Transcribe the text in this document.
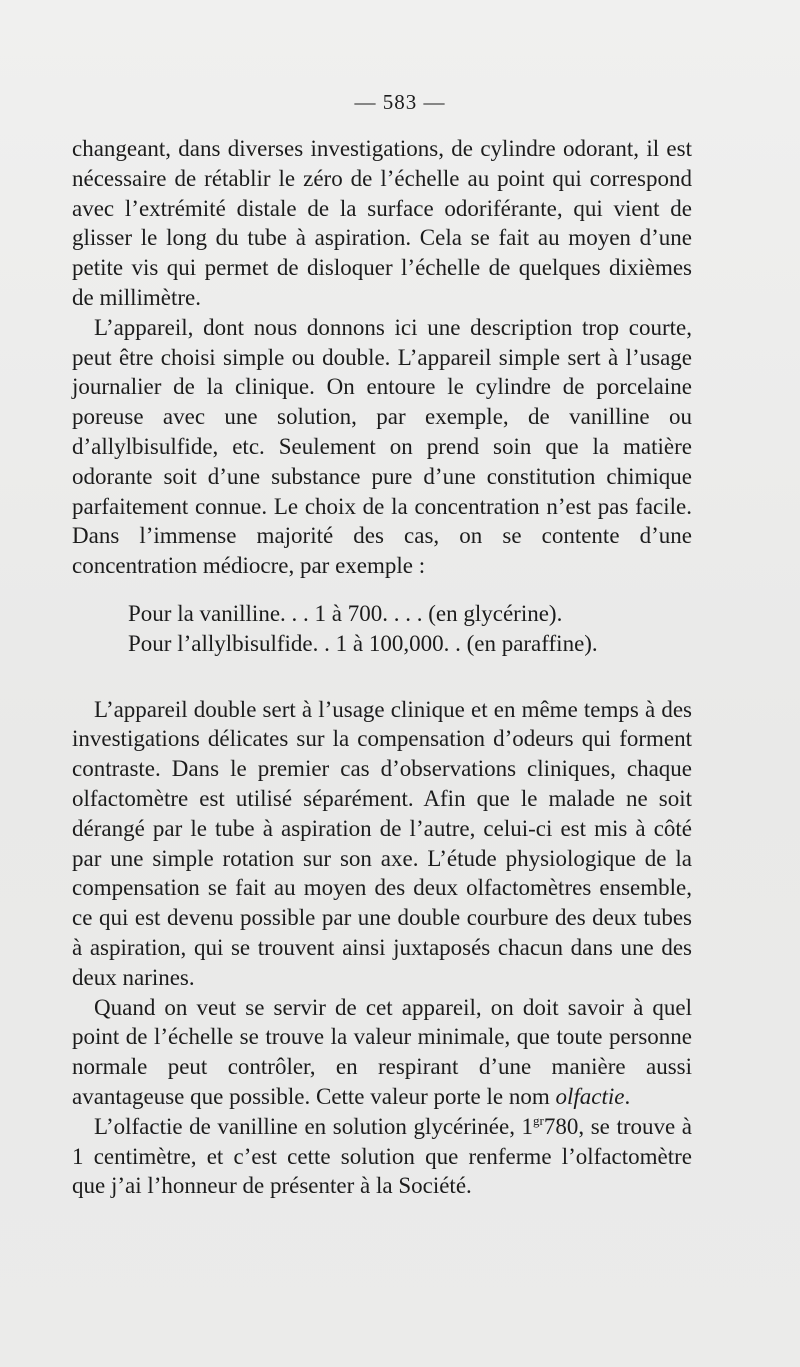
— 583 —

changeant, dans diverses investigations, de cylindre odorant, il est nécessaire de rétablir le zéro de l’échelle au point qui correspond avec l’extrémité distale de la surface odoriférante, qui vient de glisser le long du tube à aspiration. Cela se fait au moyen d’une petite vis qui permet de disloquer l’échelle de quelques dixièmes de millimètre.

L’appareil, dont nous donnons ici une description trop courte, peut être choisi simple ou double. L’appareil simple sert à l’usage journalier de la clinique. On entoure le cylindre de porcelaine poreuse avec une solution, par exemple, de vanilline ou d’allylbisulfide, etc. Seulement on prend soin que la matière odorante soit d’une substance pure d’une constitution chimique parfaitement connue. Le choix de la concentration n’est pas facile. Dans l’immense majorité des cas, on se contente d’une concentration médiocre, par exemple :

Pour la vanilline. . . 1 à 700. . . . (en glycérine).
Pour l’allylbisulfide. . 1 à 100,000. . (en paraffine).

L’appareil double sert à l’usage clinique et en même temps à des investigations délicates sur la compensation d’odeurs qui forment contraste. Dans le premier cas d’observations cliniques, chaque olfactomètre est utilisé séparément. Afin que le malade ne soit dérangé par le tube à aspiration de l’autre, celui-ci est mis à côté par une simple rotation sur son axe. L’étude physiologique de la compensation se fait au moyen des deux olfactomètres ensemble, ce qui est devenu possible par une double courbure des deux tubes à aspiration, qui se trouvent ainsi juxtaposés chacun dans une des deux narines.

Quand on veut se servir de cet appareil, on doit savoir à quel point de l’échelle se trouve la valeur minimale, que toute personne normale peut contrôler, en respirant d’une manière aussi avantageuse que possible. Cette valeur porte le nom olfactie.

L’olfactie de vanilline en solution glycérinée, $1^{gr}780$, se trouve à 1 centimètre, et c’est cette solution que renferme l’olfactomètre que j’ai l’honneur de présenter à la Société.
